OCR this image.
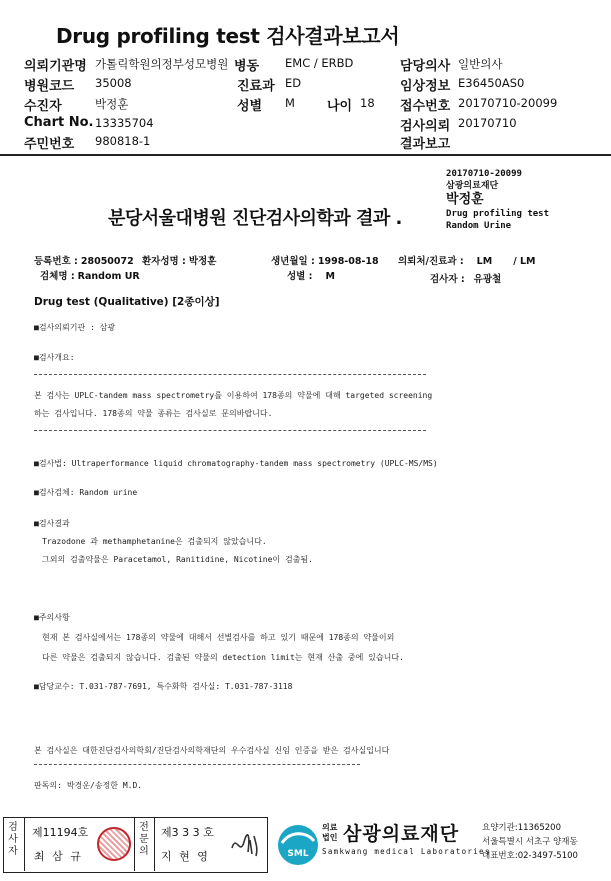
Drug profiling test 검사결과보고서
의뢰기관명 가톨릭학원의정부성모병원 병동 EMC / ERBD	담당의사 일반의사
병원코드 35008	진료과 ED	임상정보 E36450AS0
수진자	박정훈	성별 M 나이 18 접수번호 20170710-20099
Chart No. 13335704	검사의뢰 20170710
주민번호 980818-1	결과보고
20170710-20099
삼광의료재단
박정훈
Drug profiling test
Random Urine
분당서울대병원 진단검사의학과 결과 .
등록번호 : 28050072 환자성명 : 박정훈	생년월일 : 1998-08-18 의뢰처/진료과 : LM / LM
검체명 : Random UR	성별 : M	검사자 : 유광철
Drug test (Qualitative) [2종이상]
■검사의뢰기관 : 삼광
■검사개요:
본 검사는 UPLC-tandem mass spectrometry를 이용하여 178종의 약물에 대해 targeted screening
하는 검사입니다. 178종의 약물 종류는 검사실로 문의바랍니다.
■검사법: Ultraperformance liquid chromatography-tandem mass spectrometry (UPLC-MS/MS)
■검사검체: Random urine
■검사결과
Trazodone 과 methamphetanine은 검출되지 않았습니다.
그외의 검출약물은 Paracetamol, Ranitidine, Nicotine이 검출됨.
■주의사항
현재 본 검사실에서는 178종의 약물에 대해서 선별검사를 하고 있기 때문에 178종의 약물이외
다른 약물은 검출되지 않습니다. 검출된 약물의 detection limit는 현재 산출 중에 있습니다.
■담당교수: T.031-787-7691, 특수화학 검사실: T.031-787-3118
본 검사실은 대한진단검사의학회/진단검사의학재단의 우수검사실 신임 인증을 받은 검사실입니다
판독의: 박경운/송정한 M.D.
검
사
자
제11194호
최 삼 규
전
문
의
제3 3 3 호
지 현 영	SML
의료
법인 삼광의료재단
Samkwang medical Laboratories
요양기관:11365200
서울특별시 서초구 양재동
대표번호:02-3497-5100
